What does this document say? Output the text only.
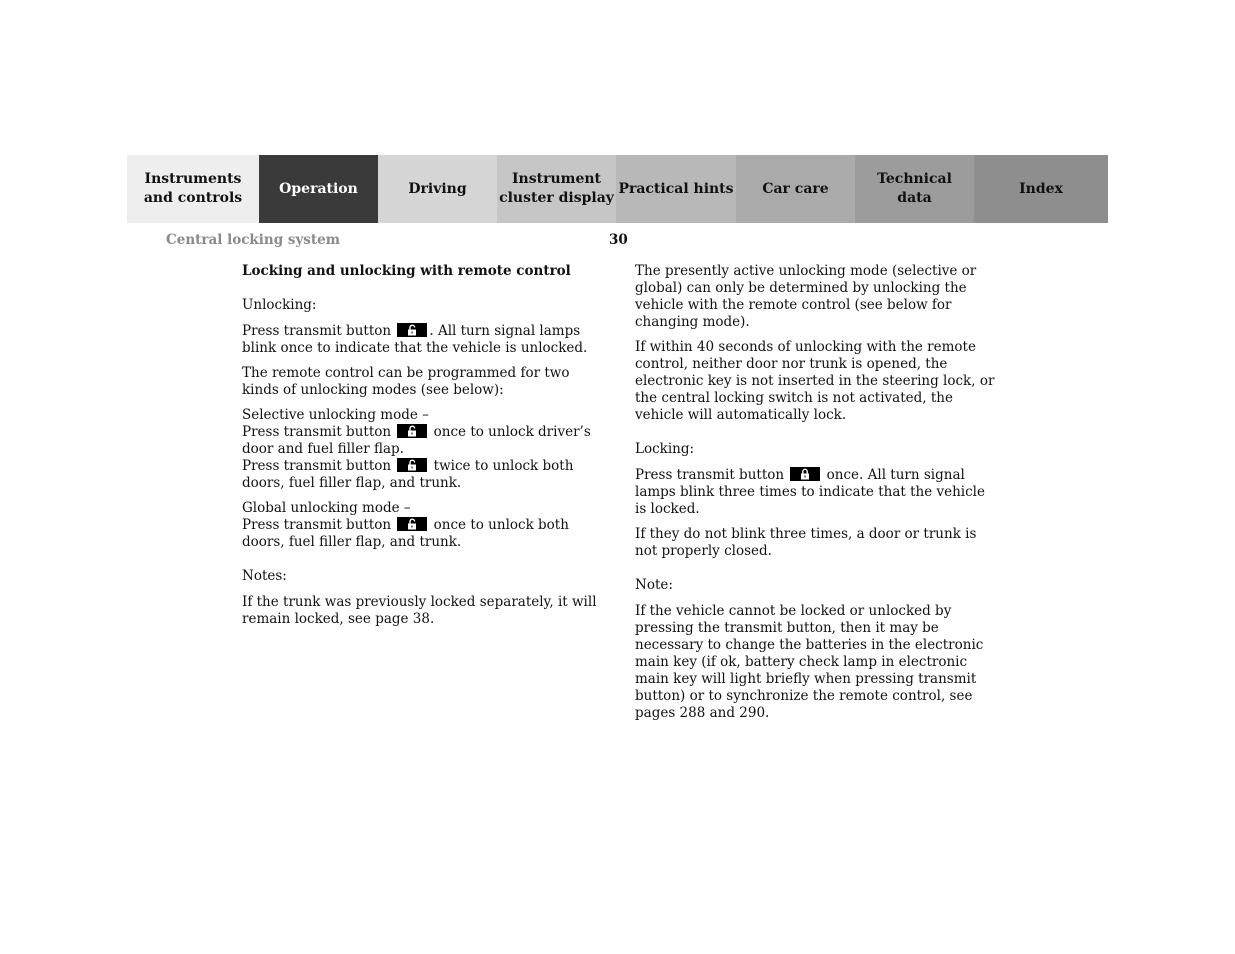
Instruments
and controls
Operation	Driving
Instrument
cluster display
Practical hints Car care
Technical
data
Index
Central locking system	30

Locking and unlocking with remote control

Unlocking:

Press transmit button	. All turn signal lamps blink once to indicate that the vehicle is unlocked.

The remote control can be programmed for two kinds of unlocking modes (see below):

Selective unlocking mode –
Press transmit button	once to unlock driver’s door and fuel filler flap.
Press transmit button	twice to unlock both doors, fuel filler flap, and trunk.

Global unlocking mode –
Press transmit button	once to unlock both doors, fuel filler flap, and trunk.

Notes:

If the trunk was previously locked separately, it will remain locked, see page 38.

The presently active unlocking mode (selective or global) can only be determined by unlocking the vehicle with the remote control (see below for changing mode).

If within 40 seconds of unlocking with the remote control, neither door nor trunk is opened, the electronic key is not inserted in the steering lock, or the central locking switch is not activated, the vehicle will automatically lock.

Locking:

Press transmit button	once. All turn signal lamps blink three times to indicate that the vehicle is locked.

If they do not blink three times, a door or trunk is not properly closed.

Note:

If the vehicle cannot be locked or unlocked by pressing the transmit button, then it may be necessary to change the batteries in the electronic main key (if ok, battery check lamp in electronic main key will light briefly when pressing transmit button) or to synchronize the remote control, see pages 288 and 290.
